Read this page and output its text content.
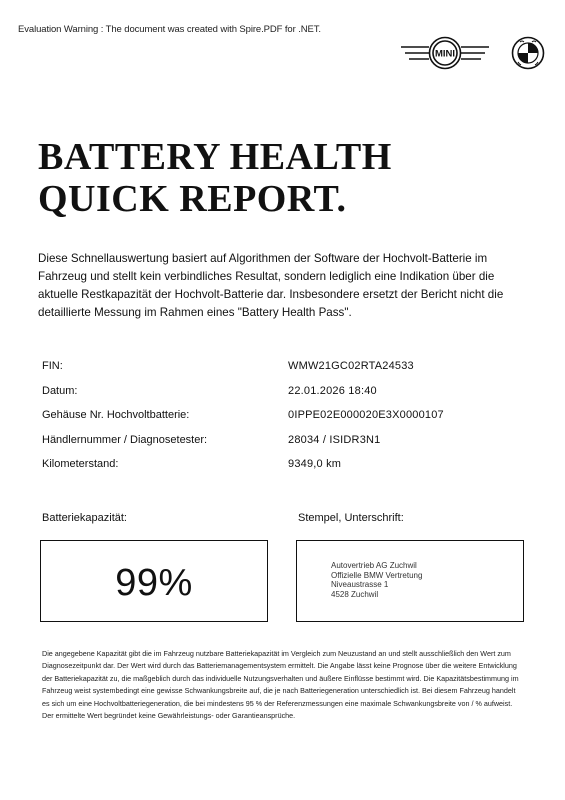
Evaluation Warning : The document was created with Spire.PDF for .NET.
MINI
BATTERY HEALTH
QUICK REPORT.
Diese Schnellauswertung basiert auf Algorithmen der Software der Hochvolt-Batterie im Fahrzeug und stellt kein verbindliches Resultat, sondern lediglich eine Indikation über die aktuelle Restkapazität der Hochvolt-Batterie dar. Insbesondere ersetzt der Bericht nicht die detaillierte Messung im Rahmen eines "Battery Health Pass".
FIN:	WMW21GC02RTA24533
Datum:	22.01.2026 18:40
Gehäuse Nr. Hochvoltbatterie:	0IPPE02E000020E3X0000107
Händlernummer / Diagnosetester:	28034 / ISIDR3N1
Kilometerstand:	9349,0 km
Batteriekapazität:	Stempel, Unterschrift:
99%	Autovertrieb AG Zuchwil
Offizielle BMW Vertretung
Niveaustrasse 1
4528 Zuchwil
Die angegebene Kapazität gibt die im Fahrzeug nutzbare Batteriekapazität im Vergleich zum Neuzustand an und stellt ausschließlich den Wert zum Diagnosezeitpunkt dar. Der Wert wird durch das Batteriemanagementsystem ermittelt. Die Angabe lässt keine Prognose über die weitere Entwicklung der Batteriekapazität zu, die maßgeblich durch das individuelle Nutzungsverhalten und äußere Einflüsse bestimmt wird. Die Kapazitätsbestimmung im Fahrzeug weist systembedingt eine gewisse Schwankungsbreite auf, die je nach Batteriegeneration unterschiedlich ist. Bei diesem Fahrzeug handelt es sich um eine Hochvoltbatteriegeneration, die bei mindestens 95 % der Referenzmessungen eine maximale Schwankungsbreite von / % aufweist. Der ermittelte Wert begründet keine Gewährleistungs- oder Garantieansprüche.
